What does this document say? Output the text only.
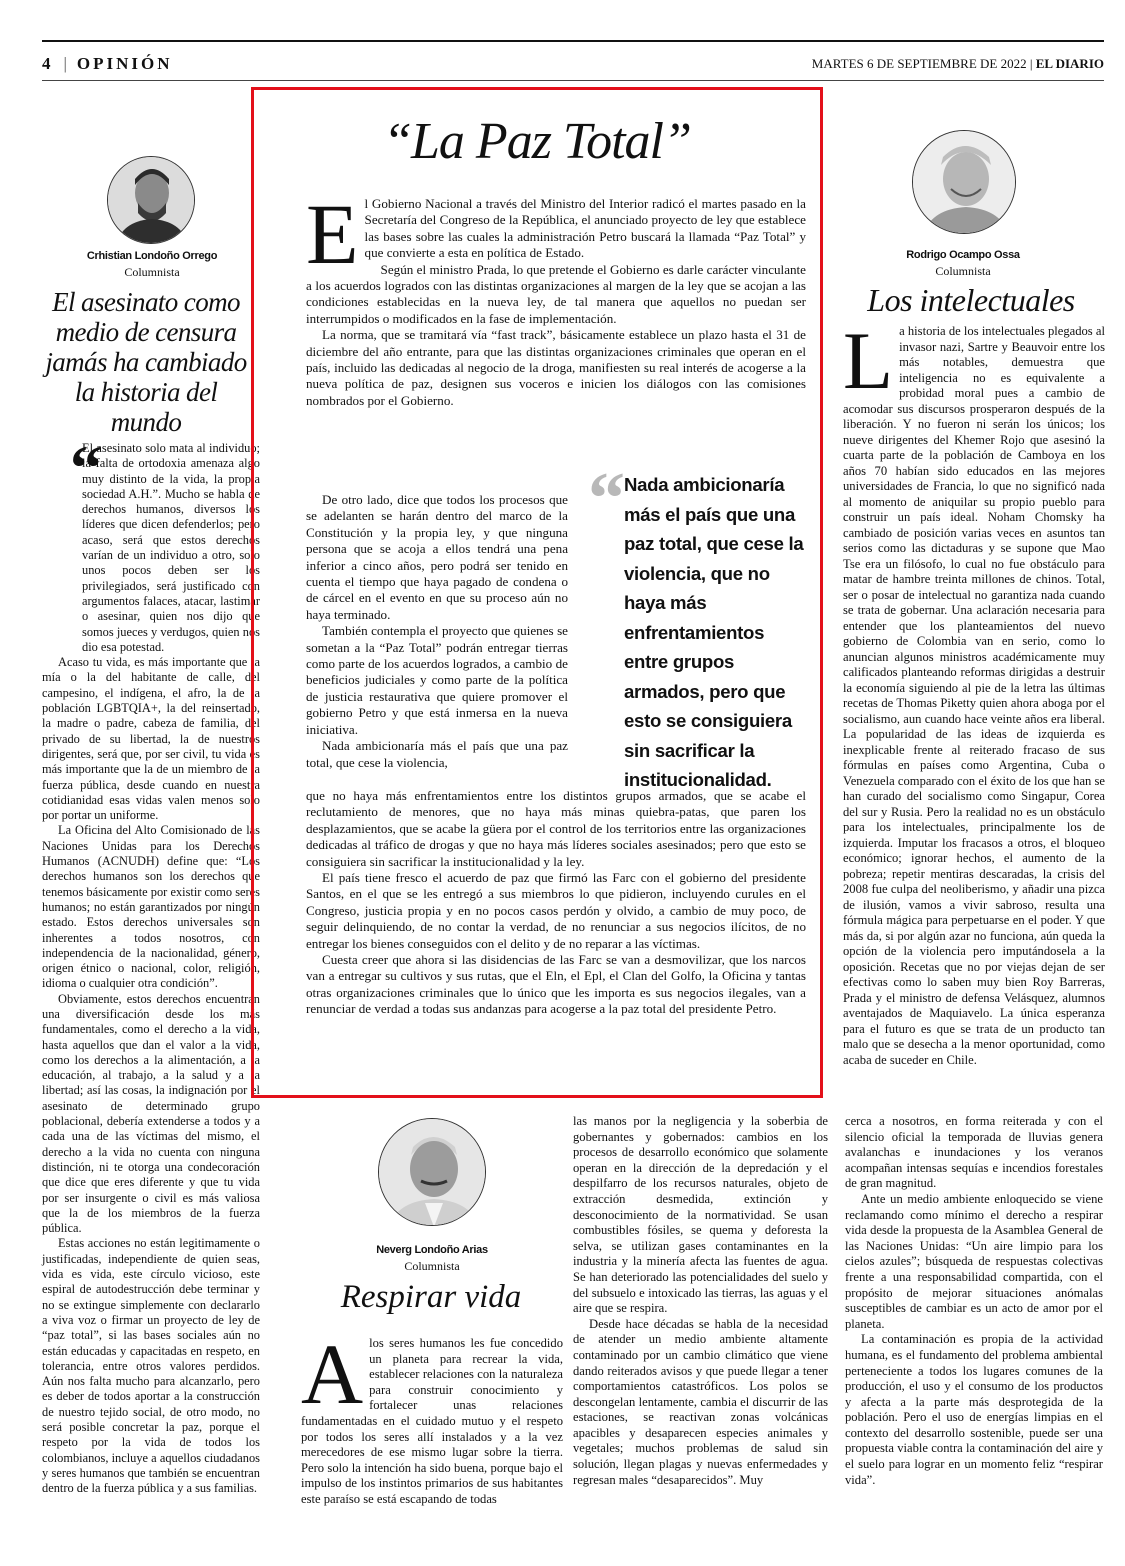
4 | OPINIÓN	MARTES 6 DE SEPTIEMBRE DE 2022 | EL DIARIO
Crhistian Londoño Orrego
Columnista
El asesinato como medio de censura jamás ha cambiado la historia del mundo
“

El asesinato solo mata al individuo; la falta de ortodoxia amenaza algo muy distinto de la vida, la propia sociedad A.H.”. Mucho se habla de derechos humanos, diversos los líderes que dicen defenderlos; pero acaso, será que estos derechos varían de un individuo a otro, solo unos pocos deben ser los privilegiados, será justificado con argumentos falaces, atacar, lastimar o asesinar, quien nos dijo que somos jueces y verdugos, quien nos dio esa potestad.

Acaso tu vida, es más importante que la mía o la del habitante de calle, del campesino, el indígena, el afro, la de la población LGBTQIA+, la del reinsertado, la madre o padre, cabeza de familia, del privado de su libertad, la de nuestros dirigentes, será que, por ser civil, tu vida es más importante que la de un miembro de la fuerza pública, desde cuando en nuestra cotidianidad esas vidas valen menos solo por portar un uniforme.

La Oficina del Alto Comisionado de las Naciones Unidas para los Derechos Humanos (ACNUDH) define que: “Los derechos humanos son los derechos que tenemos básicamente por existir como seres humanos; no están garantizados por ningún estado. Estos derechos universales son inherentes a todos nosotros, con independencia de la nacionalidad, género, origen étnico o nacional, color, religión, idioma o cualquier otra condición”.

Obviamente, estos derechos encuentran una diversificación desde los más fundamentales, como el derecho a la vida, hasta aquellos que dan el valor a la vida, como los derechos a la alimentación, a la educación, al trabajo, a la salud y a la libertad; así las cosas, la indignación por el asesinato de determinado grupo poblacional, debería extenderse a todos y a cada una de las víctimas del mismo, el derecho a la vida no cuenta con ninguna distinción, ni te otorga una condecoración que dice que eres diferente y que tu vida por ser insurgente o civil es más valiosa que la de los miembros de la fuerza pública.

Estas acciones no están legitimamente o justificadas, independiente de quien seas, vida es vida, este círculo vicioso, este espiral de autodestrucción debe terminar y no se extingue simplemente con declararlo a viva voz o firmar un proyecto de ley de “paz total”, si las bases sociales aún no están educadas y capacitadas en respeto, en tolerancia, entre otros valores perdidos. Aún nos falta mucho para alcanzarlo, pero es deber de todos aportar a la construcción de nuestro tejido social, de otro modo, no será posible concretar la paz, porque el respeto por la vida de todos los colombianos, incluye a aquellos ciudadanos y seres humanos que también se encuentran dentro de la fuerza pública y a sus familias.

“La Paz Total”
E l Gobierno Nacional a través del Ministro del Interior radicó el martes pasado en la Secretaría del Congreso de la República, el anunciado proyecto de ley que establece las bases sobre las cuales la administración Petro buscará la llamada “Paz Total” y que convierte a esta en política de Estado.

Según el ministro Prada, lo que pretende el Gobierno es darle carácter vinculante a los acuerdos logrados con las distintas organizaciones al margen de la ley que se acojan a las condiciones establecidas en la nueva ley, de tal manera que aquellos no puedan ser interrumpidos o modificados en la fase de implementación.

La norma, que se tramitará vía “fast track”, básicamente establece un plazo hasta el 31 de diciembre del año entrante, para que las distintas organizaciones criminales que operan en el país, incluido las dedicadas al negocio de la droga, manifiesten su real interés de acogerse a la nueva política de paz, designen sus voceros e inicien los diálogos con las comisiones nombrados por el Gobierno.

De otro lado, dice que todos los procesos que se adelanten se harán dentro del marco de la Constitución y la propia ley, y que ninguna persona que se acoja a ellos tendrá una pena inferior a cinco años, pero podrá ser tenido en cuenta el tiempo que haya pagado de condena o de cárcel en el evento en que su proceso aún no haya terminado.

También contempla el proyecto que quienes se sometan a la “Paz Total” podrán entregar tierras como parte de los acuerdos logrados, a cambio de beneficios judiciales y como parte de la política de justicia restaurativa que quiere promover el gobierno Petro y que está inmersa en la nueva iniciativa.

Nada ambicionaría más el país que una paz total, que cese la violencia,

que no haya más enfrentamientos entre los distintos grupos armados, que se acabe el reclutamiento de menores, que no haya más minas quiebra-patas, que paren los desplazamientos, que se acabe la güera por el control de los territorios entre las organizaciones dedicadas al tráfico de drogas y que no haya más líderes sociales asesinados; pero que esto se consiguiera sin sacrificar la institucionalidad y la ley.

El país tiene fresco el acuerdo de paz que firmó las Farc con el gobierno del presidente Santos, en el que se les entregó a sus miembros lo que pidieron, incluyendo curules en el Congreso, justicia propia y en no pocos casos perdón y olvido, a cambio de muy poco, de seguir delinquiendo, de no contar la verdad, de no renunciar a sus negocios ilícitos, de no entregar los bienes conseguidos con el delito y de no reparar a las víctimas.

Cuesta creer que ahora si las disidencias de las Farc se van a desmovilizar, que los narcos van a entregar su cultivos y sus rutas, que el Eln, el Epl, el Clan del Golfo, la Oficina y tantas otras organizaciones criminales que lo único que les importa es sus negocios ilegales, van a renunciar de verdad a todas sus andanzas para acogerse a la paz total del presidente Petro.

“ Nada ambicionaría más el país que una paz total, que cese la violencia, que no haya más enfrentamientos entre grupos armados, pero que esto se consiguiera sin sacrificar la institucionalidad.
Rodrigo Ocampo Ossa
Columnista
Los intelectuales
L a historia de los intelectuales plegados al invasor nazi, Sartre y Beauvoir entre los más notables, demuestra que inteligencia no es equivalente a probidad moral pues a cambio de acomodar sus discursos prosperaron después de la liberación. Y no fueron ni serán los únicos; los nueve dirigentes del Khemer Rojo que asesinó la cuarta parte de la población de Camboya en los años 70 habían sido educados en las mejores universidades de Francia, lo que no significó nada al momento de aniquilar su propio pueblo para construir un país ideal. Noham Chomsky ha cambiado de posición varias veces en asuntos tan serios como las dictaduras y se supone que Mao Tse era un filósofo, lo cual no fue obstáculo para matar de hambre treinta millones de chinos. Total, ser o posar de intelectual no garantiza nada cuando se trata de gobernar. Una aclaración necesaria para entender que los planteamientos del nuevo gobierno de Colombia van en serio, como lo anuncian algunos ministros académicamente muy calificados planteando reformas dirigidas a destruir la economía siguiendo al pie de la letra las últimas recetas de Thomas Piketty quien ahora aboga por el socialismo, aun cuando hace veinte años era liberal. La popularidad de las ideas de izquierda es inexplicable frente al reiterado fracaso de sus fórmulas en países como Argentina, Cuba o Venezuela comparado con el éxito de los que han se han curado del socialismo como Singapur, Corea del sur y Rusia. Pero la realidad no es un obstáculo para los intelectuales, principalmente los de izquierda. Imputar los fracasos a otros, el bloqueo económico; ignorar hechos, el aumento de la pobreza; repetir mentiras descaradas, la crisis del 2008 fue culpa del neoliberismo, y añadir una pizca de ilusión, vamos a vivir sabroso, resulta una fórmula mágica para perpetuarse en el poder. Y que más da, si por algún azar no funciona, aún queda la opción de la violencia pero imputándosela a la oposición. Recetas que no por viejas dejan de ser efectivas como lo saben muy bien Roy Barreras, Prada y el ministro de defensa Velásquez, alumnos aventajados de Maquiavelo. La única esperanza para el futuro es que se trata de un producto tan malo que se desecha a la menor oportunidad, como acaba de suceder en Chile.

Neverg Londoño Arias
Columnista
Respirar vida
A los seres humanos les fue concedido un planeta para recrear la vida, establecer relaciones con la naturaleza para construir conocimiento y fortalecer unas relaciones fundamentadas en el cuidado mutuo y el respeto por todos los seres allí instalados y a la vez merecedores de ese mismo lugar sobre la tierra. Pero solo la intención ha sido buena, porque bajo el impulso de los instintos primarios de sus habitantes este paraíso se está escapando de todas

las manos por la negligencia y la soberbia de gobernantes y gobernados: cambios en los procesos de desarrollo económico que solamente operan en la dirección de la depredación y el despilfarro de los recursos naturales, objeto de extracción desmedida, extinción y desconocimiento de la normatividad. Se usan combustibles fósiles, se quema y deforesta la selva, se utilizan gases contaminantes en la industria y la minería afecta las fuentes de agua. Se han deteriorado las potencialidades del suelo y del subsuelo e intoxicado las tierras, las aguas y el aire que se respira.

Desde hace décadas se habla de la necesidad de atender un medio ambiente altamente contaminado por un cambio climático que viene dando reiterados avisos y que puede llegar a tener comportamientos catastróficos. Los polos se descongelan lentamente, cambia el discurrir de las estaciones, se reactivan zonas volcánicas apacibles y desaparecen especies animales y vegetales; muchos problemas de salud sin solución, llegan plagas y nuevas enfermedades y regresan males “desaparecidos”. Muy

cerca a nosotros, en forma reiterada y con el silencio oficial la temporada de lluvias genera avalanchas e inundaciones y los veranos acompañan intensas sequías e incendios forestales de gran magnitud.

Ante un medio ambiente enloquecido se viene reclamando como mínimo el derecho a respirar vida desde la propuesta de la Asamblea General de las Naciones Unidas: “Un aire limpio para los cielos azules”; búsqueda de respuestas colectivas frente a una responsabilidad compartida, con el propósito de mejorar situaciones anómalas susceptibles de cambiar es un acto de amor por el planeta.

La contaminación es propia de la actividad humana, es el fundamento del problema ambiental perteneciente a todos los lugares comunes de la producción, el uso y el consumo de los productos y afecta a la parte más desprotegida de la población. Pero el uso de energías limpias en el contexto del desarrollo sostenible, puede ser una propuesta viable contra la contaminación del aire y el suelo para lograr en un momento feliz “respirar vida”.
